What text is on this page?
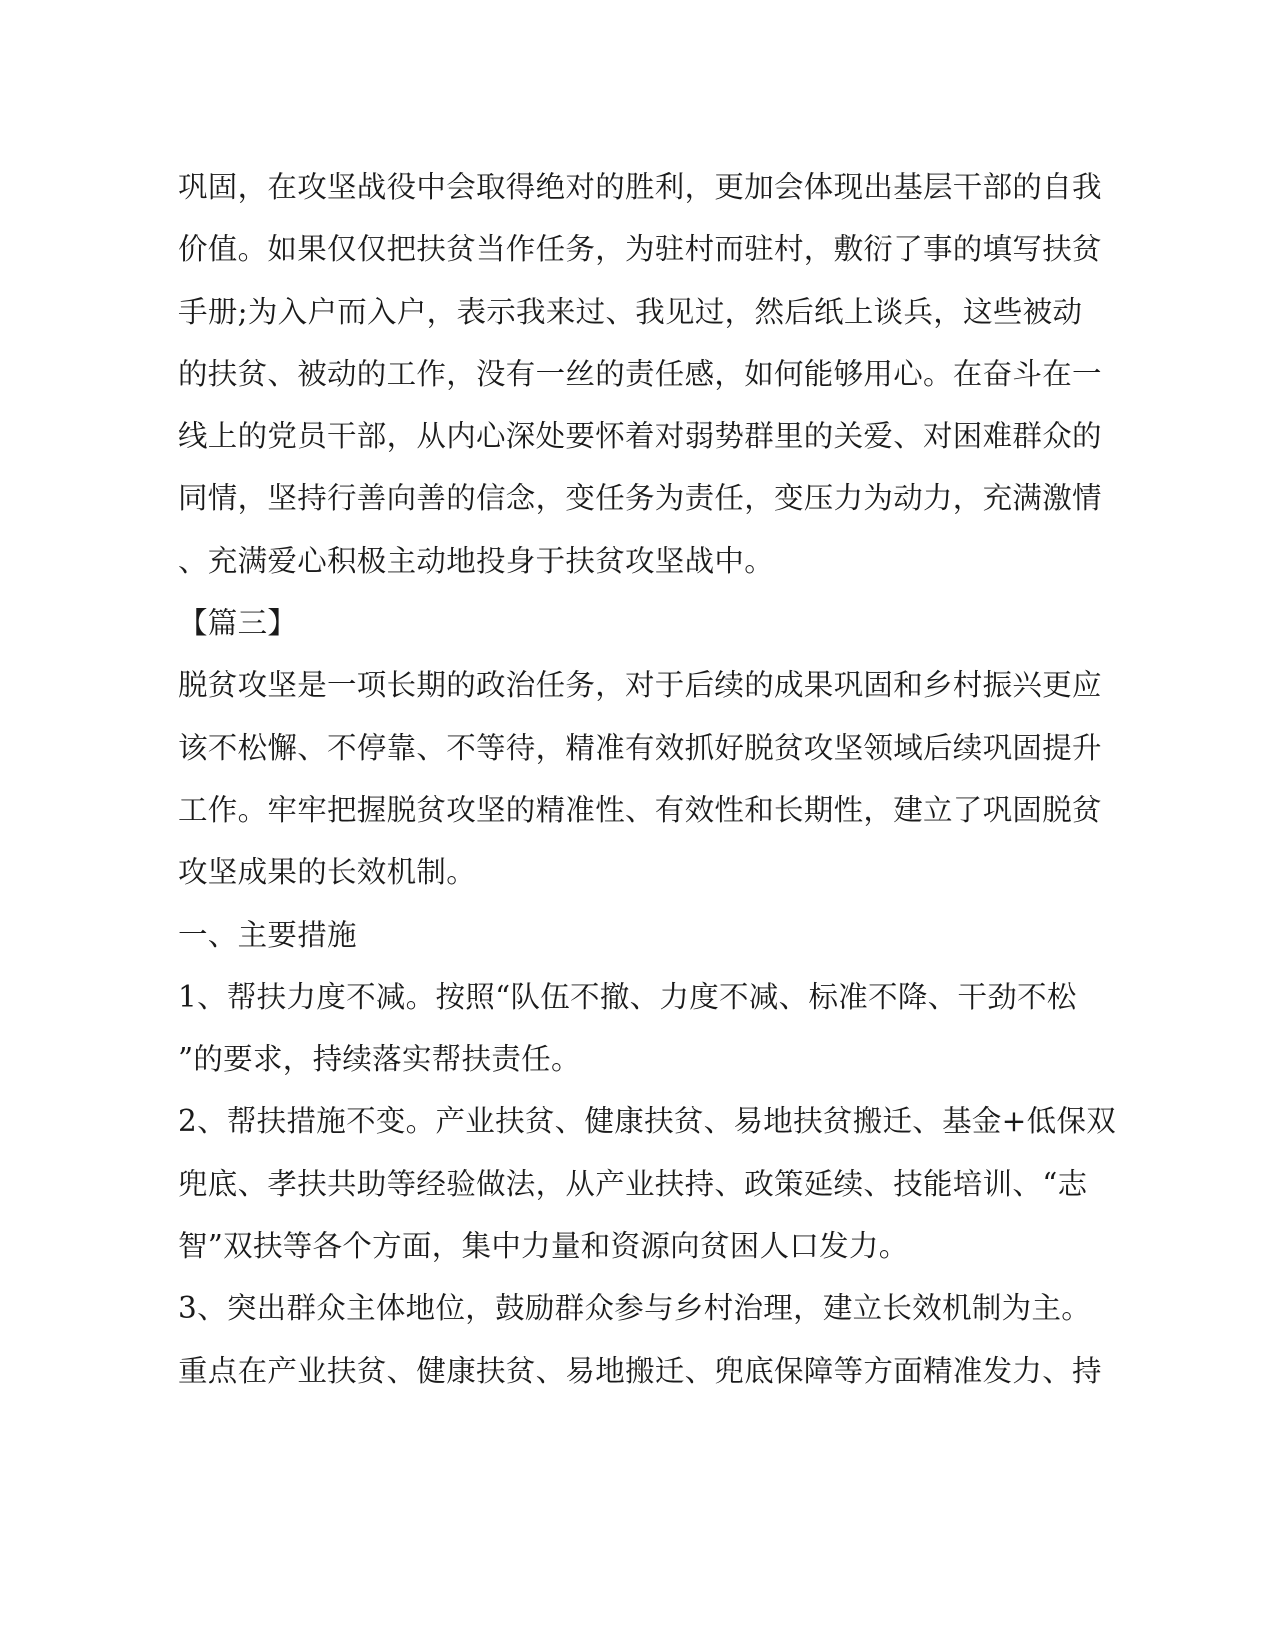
巩固，在攻坚战役中会取得绝对的胜利，更加会体现出基层干部的自我
价值。如果仅仅把扶贫当作任务，为驻村而驻村，敷衍了事的填写扶贫
手册;为入户而入户，表示我来过、我见过，然后纸上谈兵，这些被动
的扶贫、被动的工作，没有一丝的责任感，如何能够用心。在奋斗在一
线上的党员干部，从内心深处要怀着对弱势群里的关爱、对困难群众的
同情，坚持行善向善的信念，变任务为责任，变压力为动力，充满激情
、充满爱心积极主动地投身于扶贫攻坚战中。
【篇三】
脱贫攻坚是一项长期的政治任务，对于后续的成果巩固和乡村振兴更应
该不松懈、不停靠、不等待，精准有效抓好脱贫攻坚领域后续巩固提升
工作。牢牢把握脱贫攻坚的精准性、有效性和长期性，建立了巩固脱贫
攻坚成果的长效机制。
一、主要措施
1、帮扶力度不减。按照“队伍不撤、力度不减、标准不降、干劲不松
”的要求，持续落实帮扶责任。
2、帮扶措施不变。产业扶贫、健康扶贫、易地扶贫搬迁、基金+低保双
兜底、孝扶共助等经验做法，从产业扶持、政策延续、技能培训、“志
智”双扶等各个方面，集中力量和资源向贫困人口发力。
3、突出群众主体地位，鼓励群众参与乡村治理，建立长效机制为主。
重点在产业扶贫、健康扶贫、易地搬迁、兜底保障等方面精准发力、持
